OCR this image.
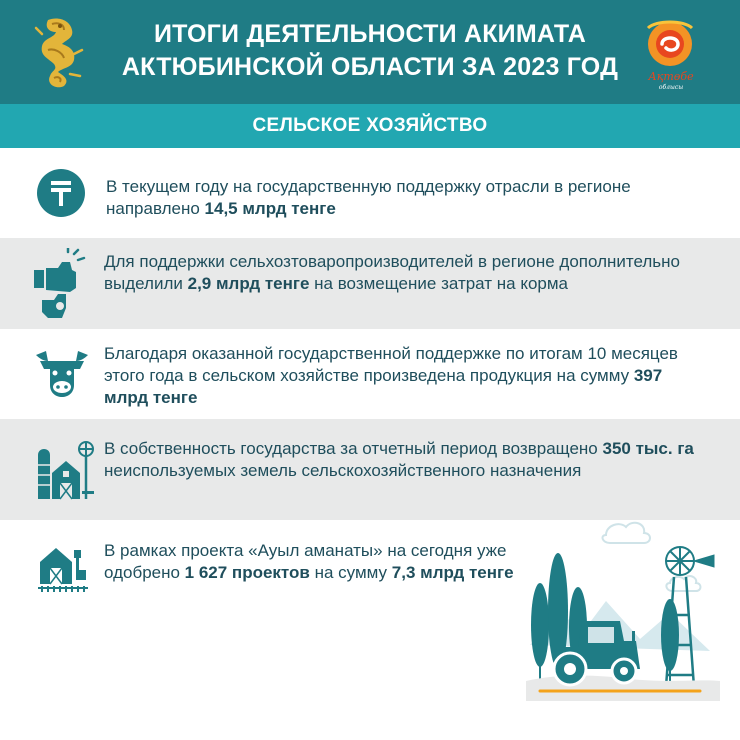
ИТОГИ ДЕЯТЕЛЬНОСТИ АКИМАТА
АКТЮБИНСКОЙ ОБЛАСТИ ЗА 2023 ГОД	Ақтөбе
облысы
СЕЛЬСКОЕ ХОЗЯЙСТВО
В текущем году на государственную поддержку отрасли в регионе направлено 14,5 млрд тенге
Для поддержки сельхозтоваропроизводителей в регионе дополнительно выделили 2,9 млрд тенге на возмещение затрат на корма
Благодаря оказанной государственной поддержке по итогам 10 месяцев этого года в сельском хозяйстве произведена продукция на сумму 397 млрд тенге
В собственность государства за отчетный период возвращено 350 тыс. га неиспользуемых земель сельскохозяйственного назначения
В рамках проекта «Ауыл аманаты» на сегодня уже одобрено 1 627 проектов на сумму 7,3 млрд тенге
